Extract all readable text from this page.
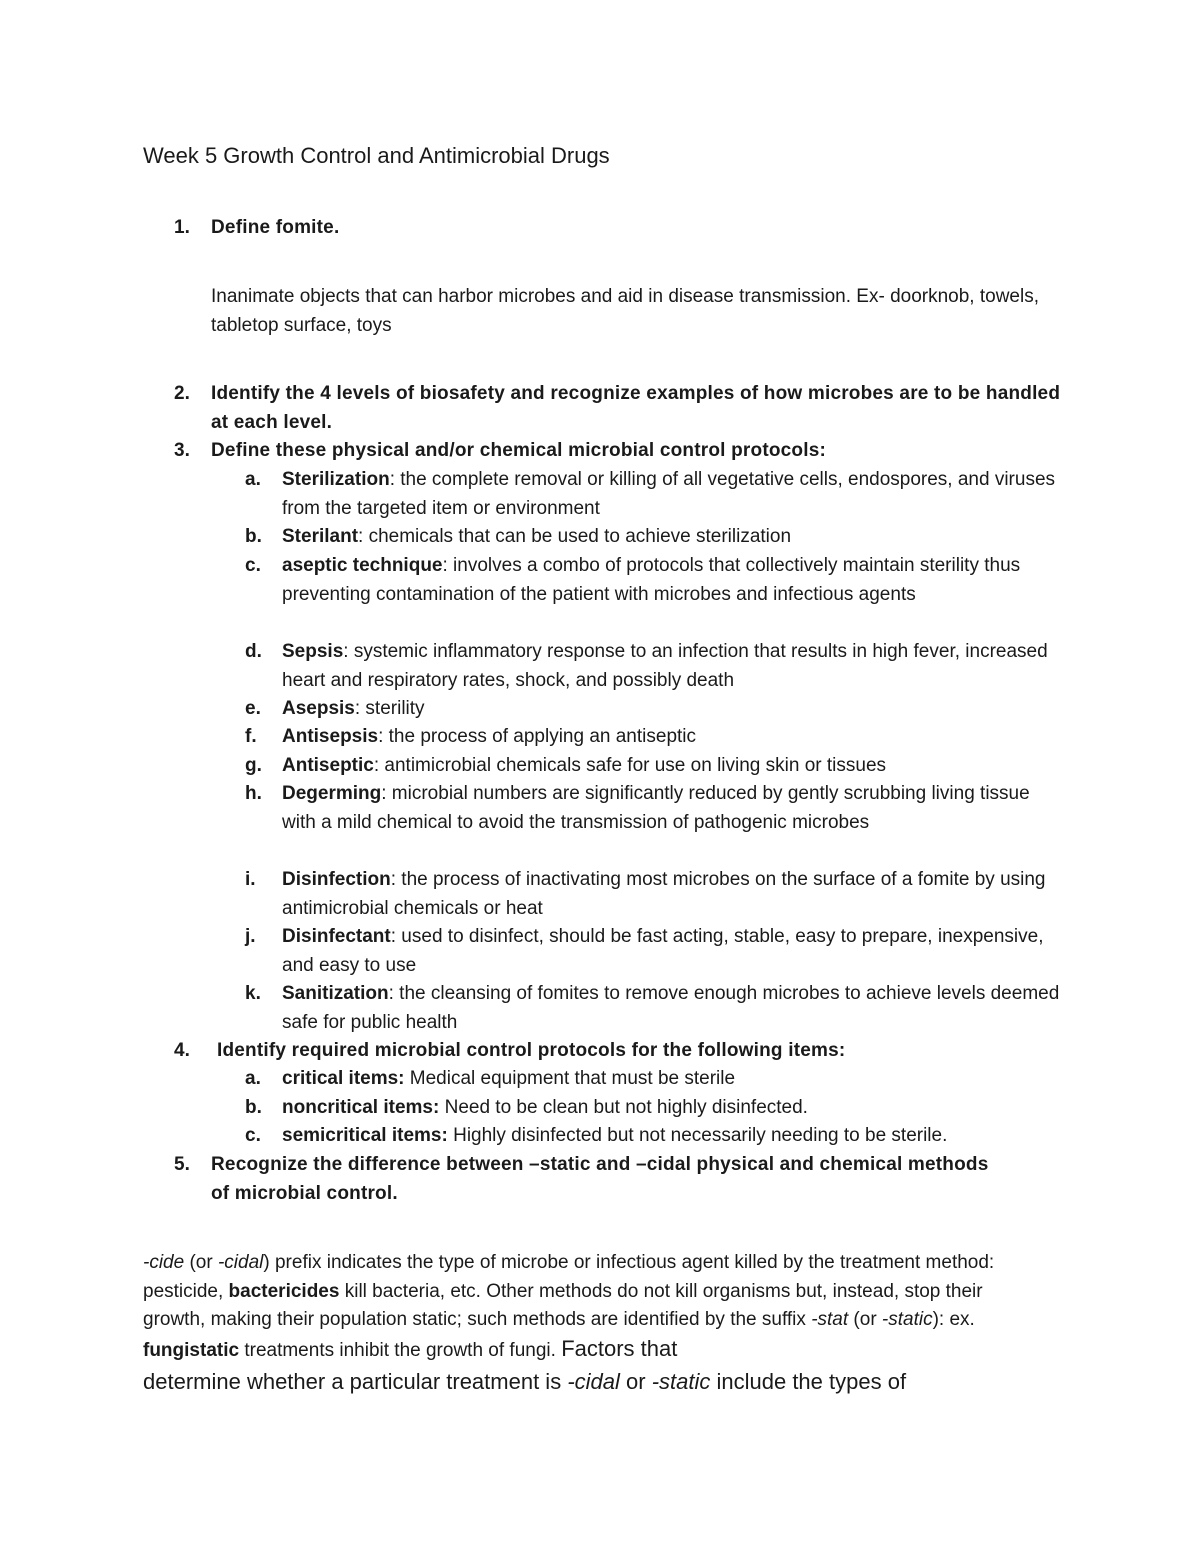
Week 5 Growth Control and Antimicrobial Drugs
1.	Define fomite.
Inanimate objects that can harbor microbes and aid in disease transmission. Ex- doorknob, towels, tabletop surface, toys
2.	Identify the 4 levels of biosafety and recognize examples of how microbes are to be handled at each level.
3.	Define these physical and/or chemical microbial control protocols:
a.	Sterilization: the complete removal or killing of all vegetative cells, endospores, and viruses from the targeted item or environment
b.	Sterilant: chemicals that can be used to achieve sterilization
c.	aseptic technique: involves a combo of protocols that collectively maintain sterility thus preventing contamination of the patient with microbes and infectious agents
d.	Sepsis: systemic inflammatory response to an infection that results in high fever, increased heart and respiratory rates, shock, and possibly death
e.	Asepsis: sterility
f.	Antisepsis: the process of applying an antiseptic
g.	Antiseptic: antimicrobial chemicals safe for use on living skin or tissues
h.	Degerming: microbial numbers are significantly reduced by gently scrubbing living tissue with a mild chemical to avoid the transmission of pathogenic microbes
i.	Disinfection: the process of inactivating most microbes on the surface of a fomite by using antimicrobial chemicals or heat
j.	Disinfectant: used to disinfect, should be fast acting, stable, easy to prepare, inexpensive, and easy to use
k.	Sanitization: the cleansing of fomites to remove enough microbes to achieve levels deemed safe for public health
4.	Identify required microbial control protocols for the following items:
a.	critical items: Medical equipment that must be sterile
b.	noncritical items: Need to be clean but not highly disinfected.
c.	semicritical items: Highly disinfected but not necessarily needing to be sterile.
5.	Recognize the difference between –static and –cidal physical and chemical methods of microbial control.
-cide (or -cidal) prefix indicates the type of microbe or infectious agent killed by the treatment method: pesticide, bactericides kill bacteria, etc. Other methods do not kill organisms but, instead, stop their growth, making their population static; such methods are identified by the suffix -stat (or -static): ex. fungistatic treatments inhibit the growth of fungi. Factors that
determine whether a particular treatment is -cidal or -static include the types of
